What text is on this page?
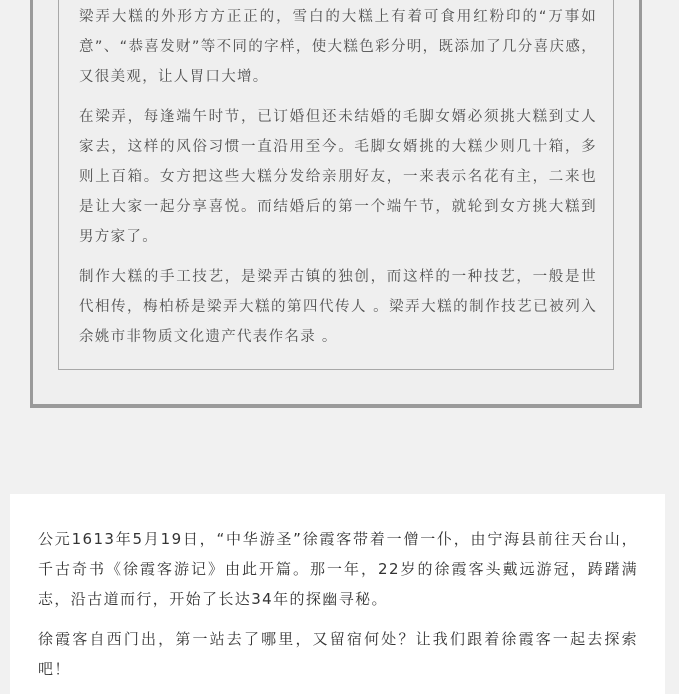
梁弄大糕的外形方方正正的，雪白的大糕上有着可食用红粉印的“万事如意”、“恭喜发财”等不同的字样，使大糕色彩分明，既添加了几分喜庆感，又很美观，让人胃口大增。

在梁弄，每逢端午时节，已订婚但还未结婚的毛脚女婿必须挑大糕到丈人家去，这样的风俗习惯一直沿用至今。毛脚女婿挑的大糕少则几十箱，多则上百箱。女方把这些大糕分发给亲朋好友，一来表示名花有主，二来也是让大家一起分享喜悦。而结婚后的第一个端午节，就轮到女方挑大糕到男方家了。

制作大糕的手工技艺，是梁弄古镇的独创，而这样的一种技艺，一般是世代相传，梅柏桥是梁弄大糕的第四代传人 。梁弄大糕的制作技艺已被列入余姚市非物质文化遗产代表作名录 。

公元1613年5月19日，“中华游圣”徐霞客带着一僧一仆，由宁海县前往天台山，千古奇书《徐霞客游记》由此开篇。那一年，22岁的徐霞客头戴远游冠，踌躇满志，沿古道而行，开始了长达34年的探幽寻秘。

徐霞客自西门出，第一站去了哪里，又留宿何处？让我们跟着徐霞客一起去探索吧！
